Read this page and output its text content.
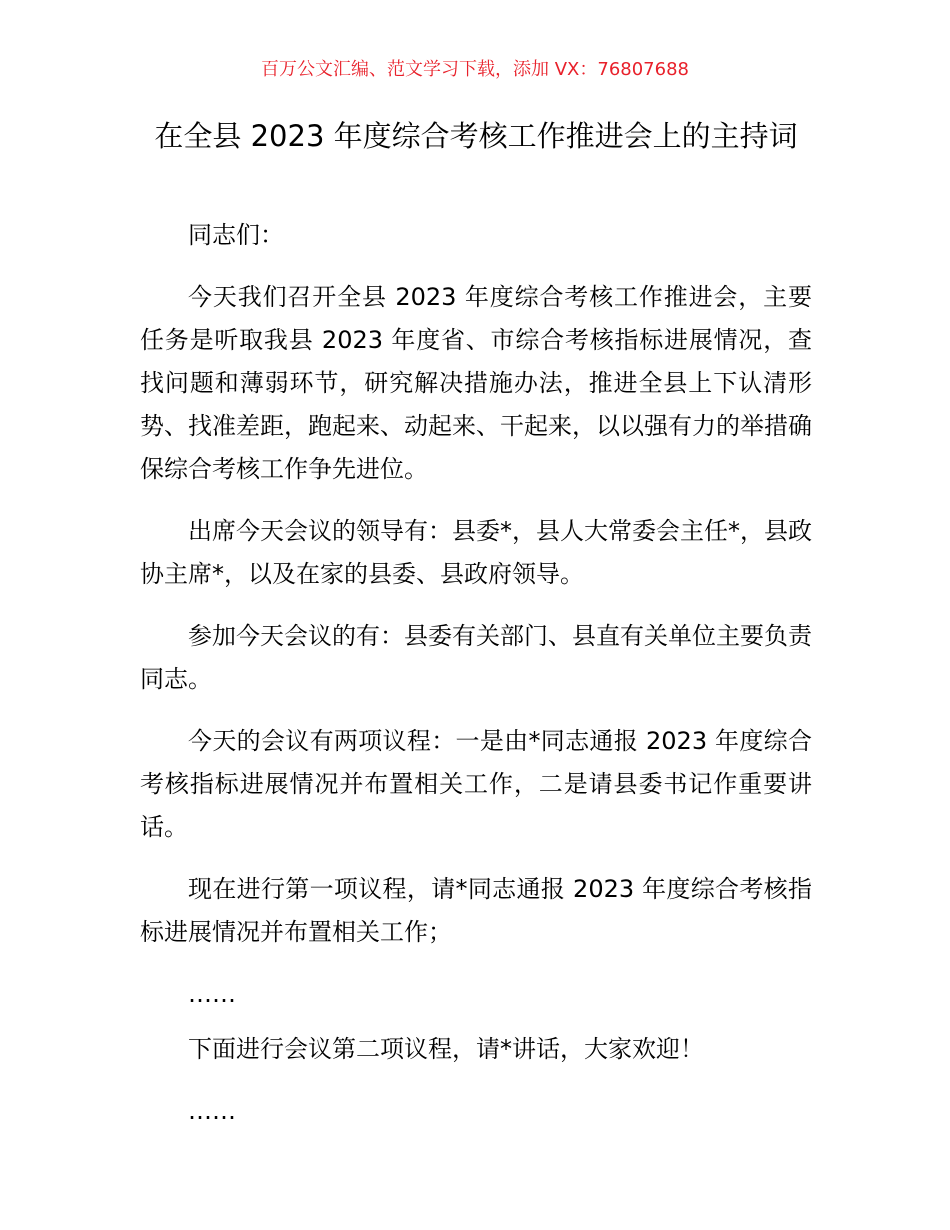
百万公文汇编、范文学习下载，添加 VX：76807688
在全县 2023 年度综合考核工作推进会上的主持词

同志们：

今天我们召开全县 2023 年度综合考核工作推进会，主要任务是听取我县 2023 年度省、市综合考核指标进展情况，查找问题和薄弱环节，研究解决措施办法，推进全县上下认清形势、找准差距，跑起来、动起来、干起来，以以强有力的举措确保综合考核工作争先进位。

出席今天会议的领导有：县委*，县人大常委会主任*，县政协主席*，以及在家的县委、县政府领导。

参加今天会议的有：县委有关部门、县直有关单位主要负责同志。

今天的会议有两项议程：一是由*同志通报 2023 年度综合考核指标进展情况并布置相关工作，二是请县委书记作重要讲话。

现在进行第一项议程，请*同志通报 2023 年度综合考核指标进展情况并布置相关工作；

……

下面进行会议第二项议程，请*讲话，大家欢迎！

……
